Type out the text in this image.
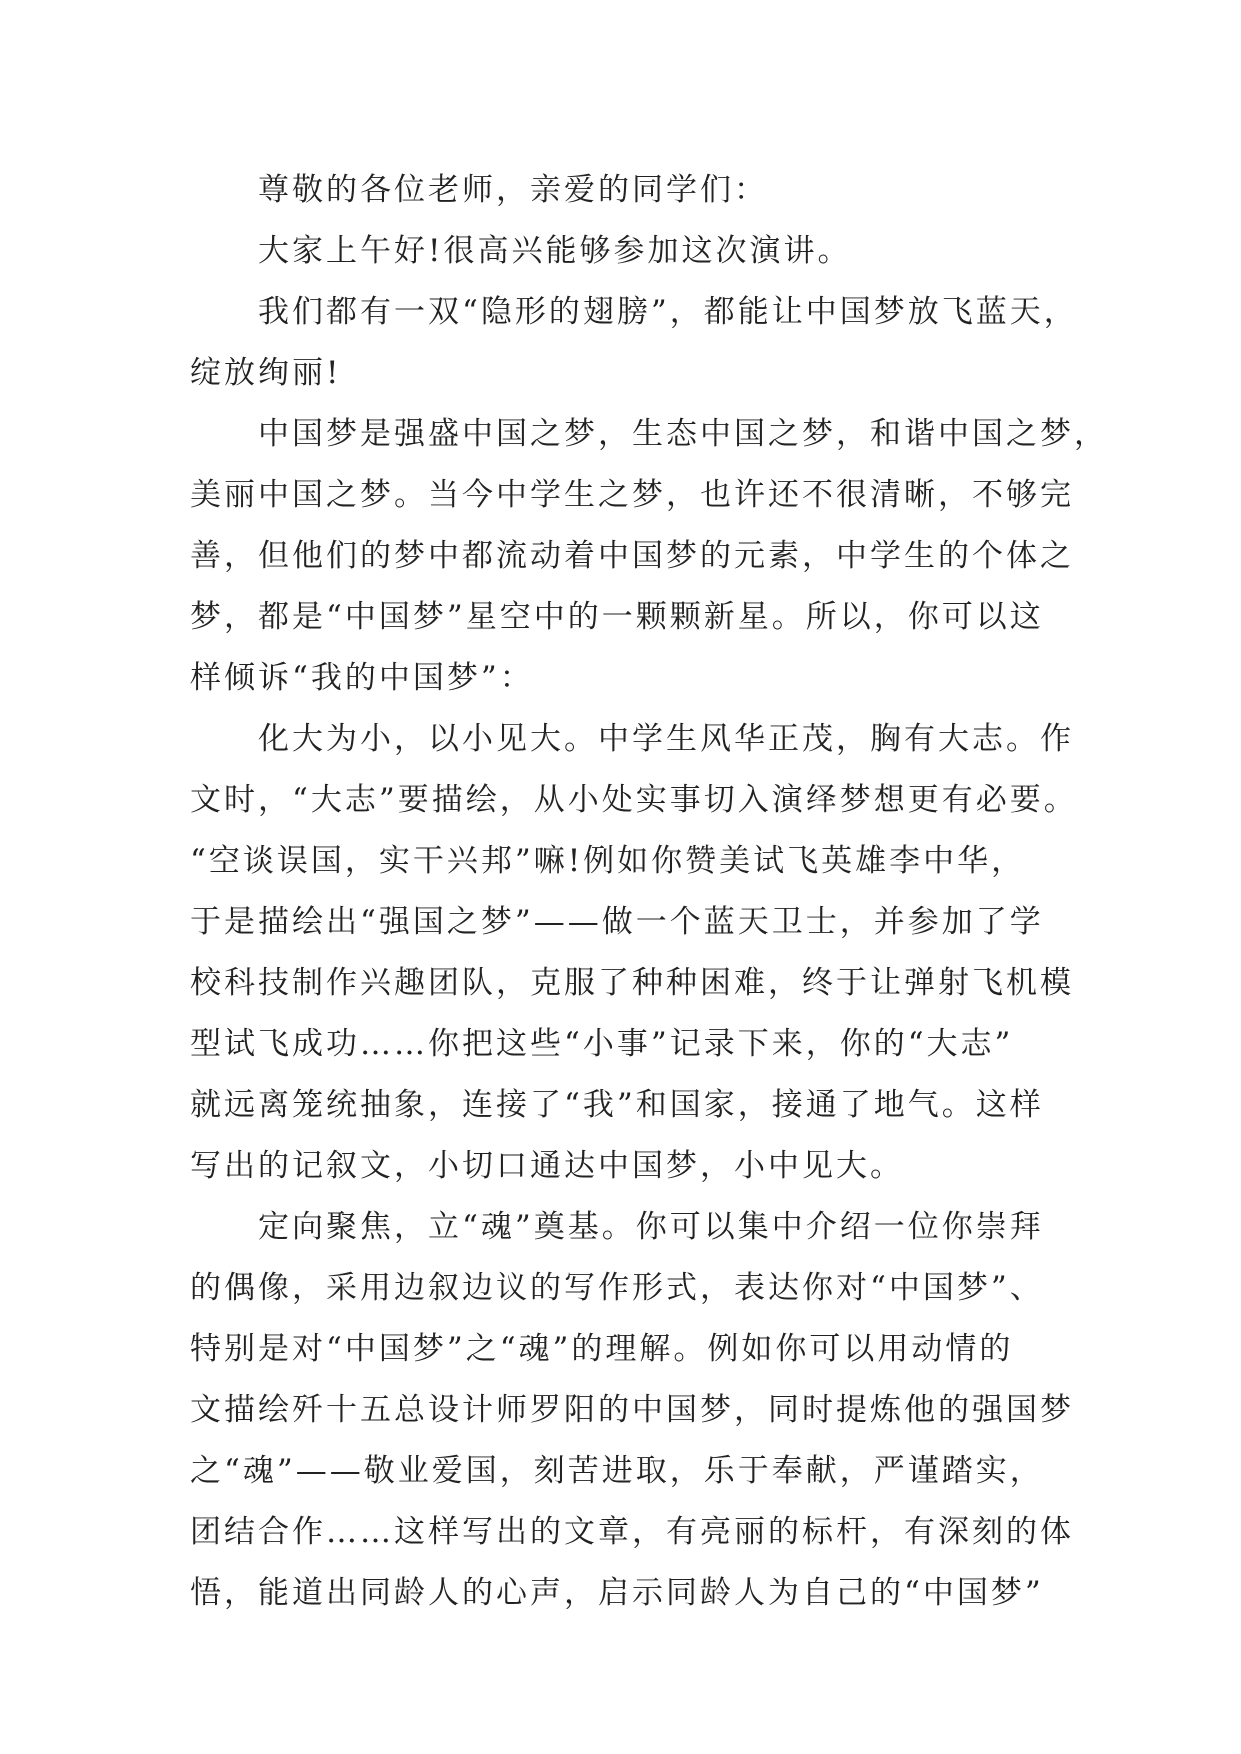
尊敬的各位老师，亲爱的同学们：
大家上午好!很高兴能够参加这次演讲。
我们都有一双“隐形的翅膀”，都能让中国梦放飞蓝天，
绽放绚丽!
中国梦是强盛中国之梦，生态中国之梦，和谐中国之梦，
美丽中国之梦。当今中学生之梦，也许还不很清晰，不够完
善，但他们的梦中都流动着中国梦的元素，中学生的个体之
梦，都是“中国梦”星空中的一颗颗新星。所以，你可以这
样倾诉“我的中国梦”：
化大为小，以小见大。中学生风华正茂，胸有大志。作
文时，“大志”要描绘，从小处实事切入演绎梦想更有必要。
“空谈误国，实干兴邦”嘛!例如你赞美试飞英雄李中华，
于是描绘出“强国之梦”——做一个蓝天卫士，并参加了学
校科技制作兴趣团队，克服了种种困难，终于让弹射飞机模
型试飞成功……你把这些“小事”记录下来，你的“大志”
就远离笼统抽象，连接了“我”和国家，接通了地气。这样
写出的记叙文，小切口通达中国梦，小中见大。
定向聚焦，立“魂”奠基。你可以集中介绍一位你崇拜
的偶像，采用边叙边议的写作形式，表达你对“中国梦”、
特别是对“中国梦”之“魂”的理解。例如你可以用动情的
文描绘歼十五总设计师罗阳的中国梦，同时提炼他的强国梦
之“魂”——敬业爱国，刻苦进取，乐于奉献，严谨踏实，
团结合作……这样写出的文章，有亮丽的标杆，有深刻的体
悟，能道出同龄人的心声，启示同龄人为自己的“中国梦”
